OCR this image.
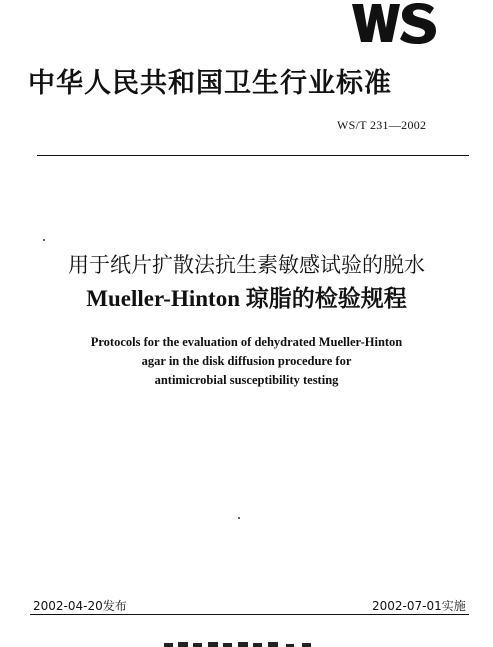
中华人民共和国卫生行业标准
WS/T 231—2002
用于纸片扩散法抗生素敏感试验的脱水
Mueller-Hinton 琼脂的检验规程
Protocols for the evaluation of dehydrated Mueller-Hinton
agar in the disk diffusion procedure for
antimicrobial susceptibility testing
2002-04-20发布	2002-07-01实施
